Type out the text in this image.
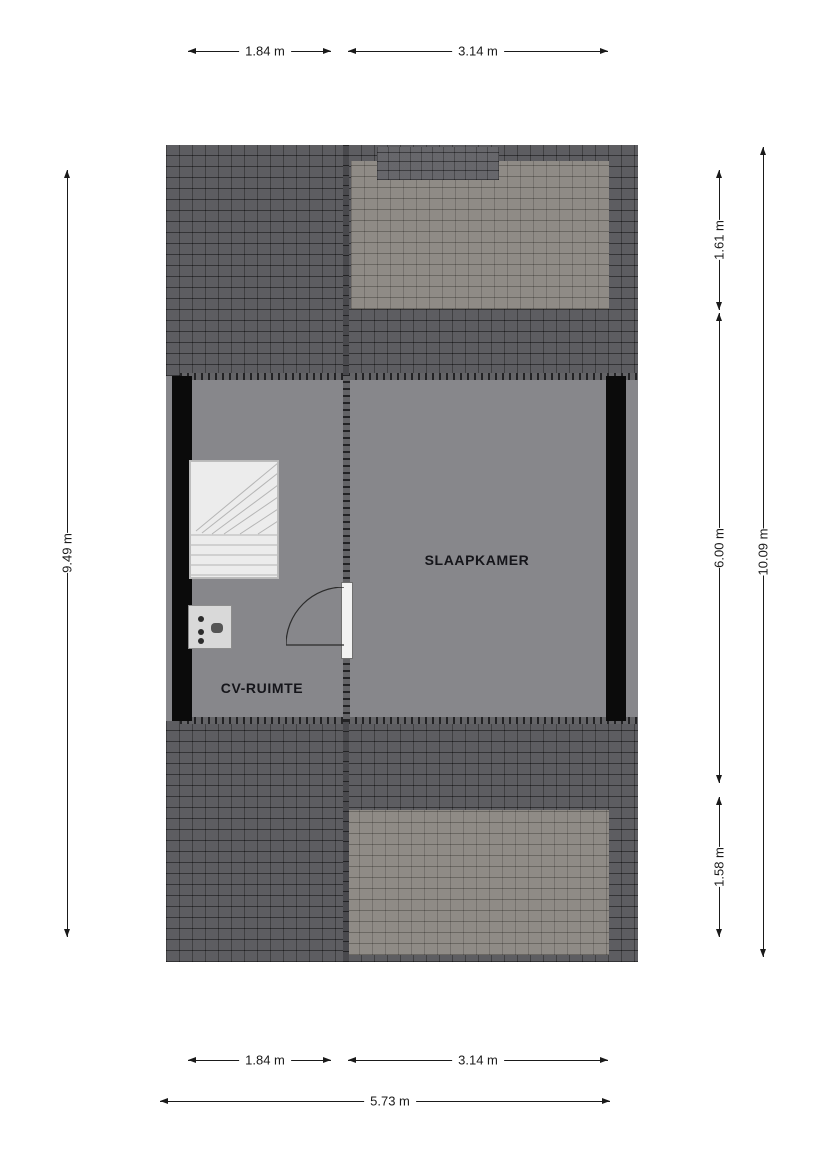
1.84 m	3.14 m
9.49 m
1.61 m
6.00 m
1.58 m
10.09 m
SLAAPKAMER
CV-RUIMTE
1.84 m	3.14 m
5.73 m
